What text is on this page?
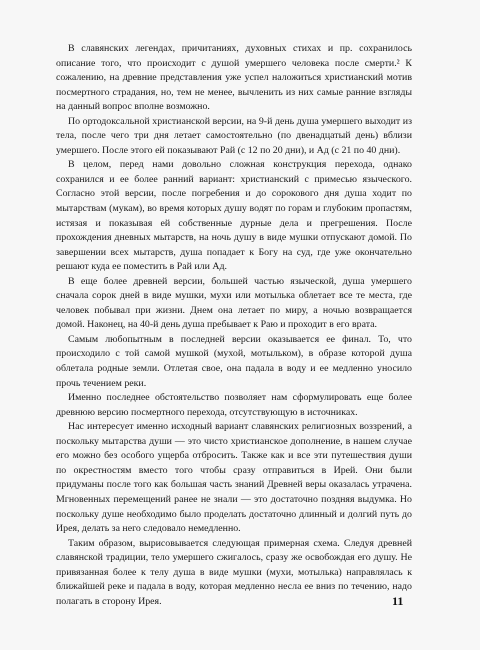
В славянских легендах, причитаниях, духовных стихах и пр. сохранилось описание того, что происходит с душой умершего человека после смерти.² К сожалению, на древние представления уже успел наложиться христианский мотив посмертного страдания, но, тем не менее, вычленить из них самые ранние взгляды на данный вопрос вполне возможно.

По ортодоксальной христианской версии, на 9-й день душа умершего выходит из тела, после чего три дня летает самостоятельно (по двенадцатый день) вблизи умершего. После этого ей показывают Рай (с 12 по 20 дни), и Ад (с 21 по 40 дни).

В целом, перед нами довольно сложная конструкция перехода, однако сохранился и ее более ранний вариант: христианский с примесью языческого. Согласно этой версии, после погребения и до сорокового дня душа ходит по мытарствам (мукам), во время которых душу водят по горам и глубоким пропастям, истязая и показывая ей собственные дурные дела и прегрешения. После прохождения дневных мытарств, на ночь душу в виде мушки отпускают домой. По завершении всех мытарств, душа попадает к Богу на суд, где уже окончательно решают куда ее поместить в Рай или Ад.

В еще более древней версии, большей частью языческой, душа умершего сначала сорок дней в виде мушки, мухи или мотылька облетает все те места, где человек побывал при жизни. Днем она летает по миру, а ночью возвращается домой. Наконец, на 40-й день душа пребывает к Раю и проходит в его врата.

Самым любопытным в последней версии оказывается ее финал. То, что происходило с той самой мушкой (мухой, мотыльком), в образе которой душа облетала родные земли. Отлетая свое, она падала в воду и ее медленно уносило прочь течением реки.

Именно последнее обстоятельство позволяет нам сформулировать еще более древнюю версию посмертного перехода, отсутствующую в источниках.

Нас интересует именно исходный вариант славянских религиозных воззрений, а поскольку мытарства души — это чисто христианское дополнение, в нашем случае его можно без особого ущерба отбросить. Также как и все эти путешествия души по окрестностям вместо того чтобы сразу отправиться в Ирей. Они были придуманы после того как большая часть знаний Древней веры оказалась утрачена. Мгновенных перемещений ранее не знали — это достаточно поздняя выдумка. Но поскольку душе необходимо было проделать достаточно длинный и долгий путь до Ирея, делать за него следовало немедленно.

Таким образом, вырисовывается следующая примерная схема. Следуя древней славянской традиции, тело умершего сжигалось, сразу же освобождая его душу. Не привязанная более к телу душа в виде мушки (мухи, мотылька) направлялась к ближайшей реке и падала в воду, которая медленно несла ее вниз по течению, надо полагать в сторону Ирея.	11
